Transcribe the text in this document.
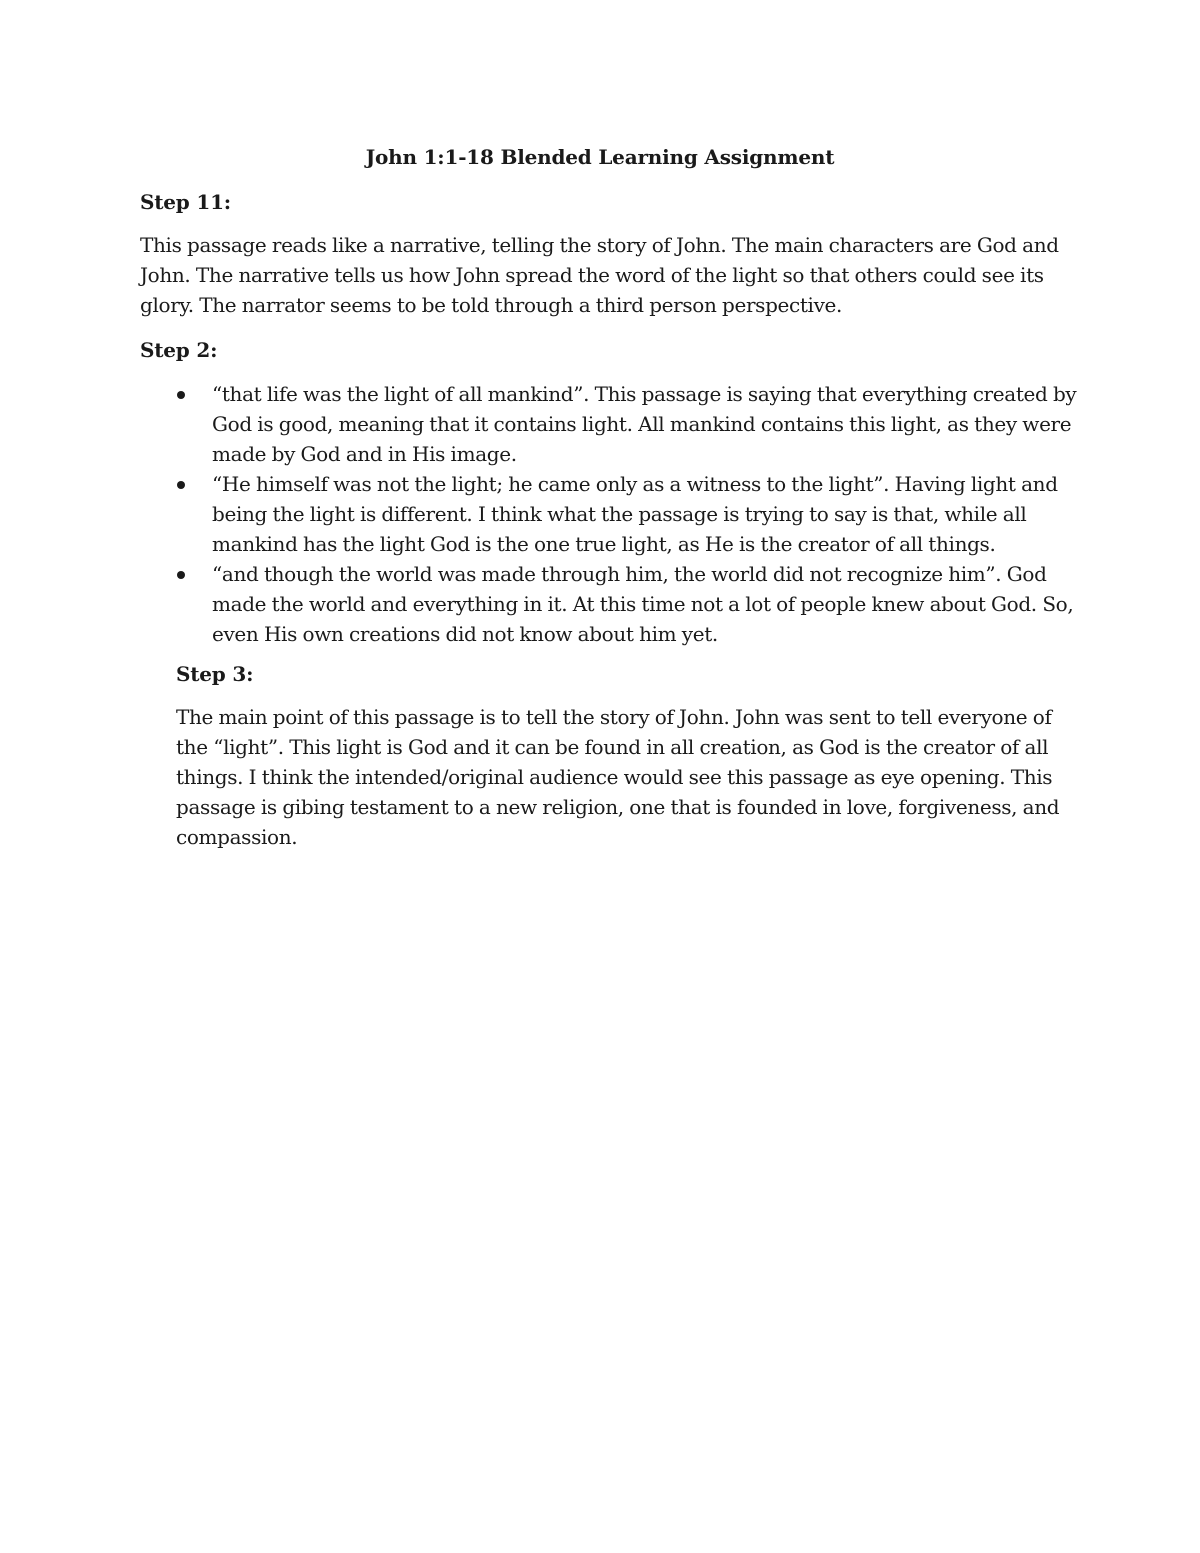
John 1:1-18 Blended Learning Assignment
Step 11:

This passage reads like a narrative, telling the story of John. The main characters are God and
John. The narrative tells us how John spread the word of the light so that others could see its
glory. The narrator seems to be told through a third person perspective.

Step 2:
“that life was the light of all mankind”. This passage is saying that everything created by
God is good, meaning that it contains light. All mankind contains this light, as they were
made by God and in His image.
“He himself was not the light; he came only as a witness to the light”. Having light and
being the light is different. I think what the passage is trying to say is that, while all
mankind has the light God is the one true light, as He is the creator of all things.
“and though the world was made through him, the world did not recognize him”. God
made the world and everything in it. At this time not a lot of people knew about God. So,
even His own creations did not know about him yet.
Step 3:

The main point of this passage is to tell the story of John. John was sent to tell everyone of
the “light”. This light is God and it can be found in all creation, as God is the creator of all
things. I think the intended/original audience would see this passage as eye opening. This
passage is gibing testament to a new religion, one that is founded in love, forgiveness, and
compassion.
